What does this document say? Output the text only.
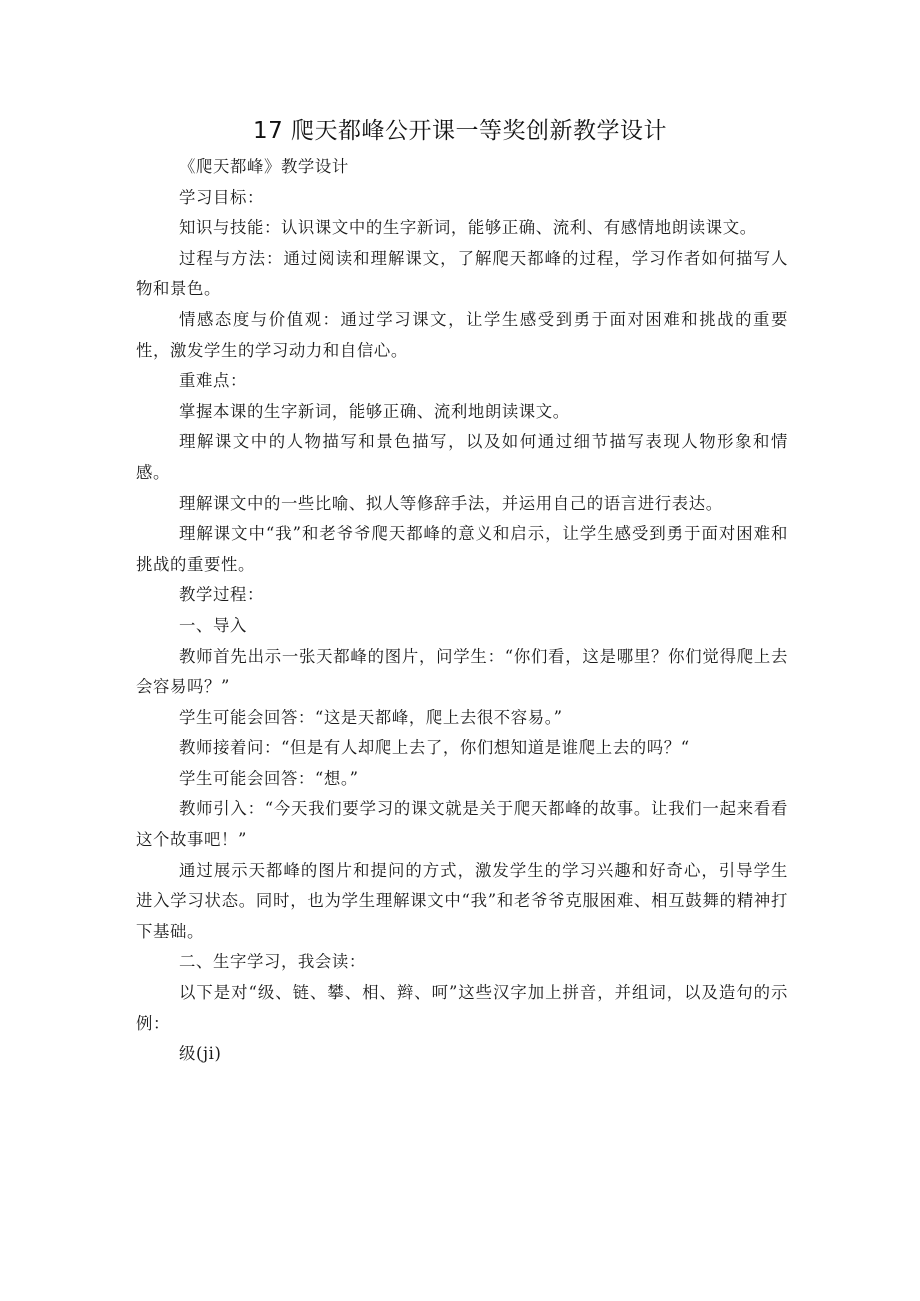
17 爬天都峰公开课一等奖创新教学设计

《爬天都峰》教学设计

学习目标：

知识与技能：认识课文中的生字新词，能够正确、流利、有感情地朗读课文。

过程与方法：通过阅读和理解课文，了解爬天都峰的过程，学习作者如何描写人物和景色。

情感态度与价值观：通过学习课文，让学生感受到勇于面对困难和挑战的重要性，激发学生的学习动力和自信心。

重难点：

掌握本课的生字新词，能够正确、流利地朗读课文。

理解课文中的人物描写和景色描写，以及如何通过细节描写表现人物形象和情感。

理解课文中的一些比喻、拟人等修辞手法，并运用自己的语言进行表达。

理解课文中“我”和老爷爷爬天都峰的意义和启示，让学生感受到勇于面对困难和挑战的重要性。

教学过程：

一、导入

教师首先出示一张天都峰的图片，问学生：“你们看，这是哪里？你们觉得爬上去会容易吗？”

学生可能会回答：“这是天都峰，爬上去很不容易。”

教师接着问：“但是有人却爬上去了，你们想知道是谁爬上去的吗？“

学生可能会回答：“想。”

教师引入：“今天我们要学习的课文就是关于爬天都峰的故事。让我们一起来看看这个故事吧！”

通过展示天都峰的图片和提问的方式，激发学生的学习兴趣和好奇心，引导学生进入学习状态。同时，也为学生理解课文中“我”和老爷爷克服困难、相互鼓舞的精神打下基础。

二、生字学习，我会读：

以下是对“级、链、攀、相、辫、呵”这些汉字加上拼音，并组词，以及造句的示例：

级(ji)
